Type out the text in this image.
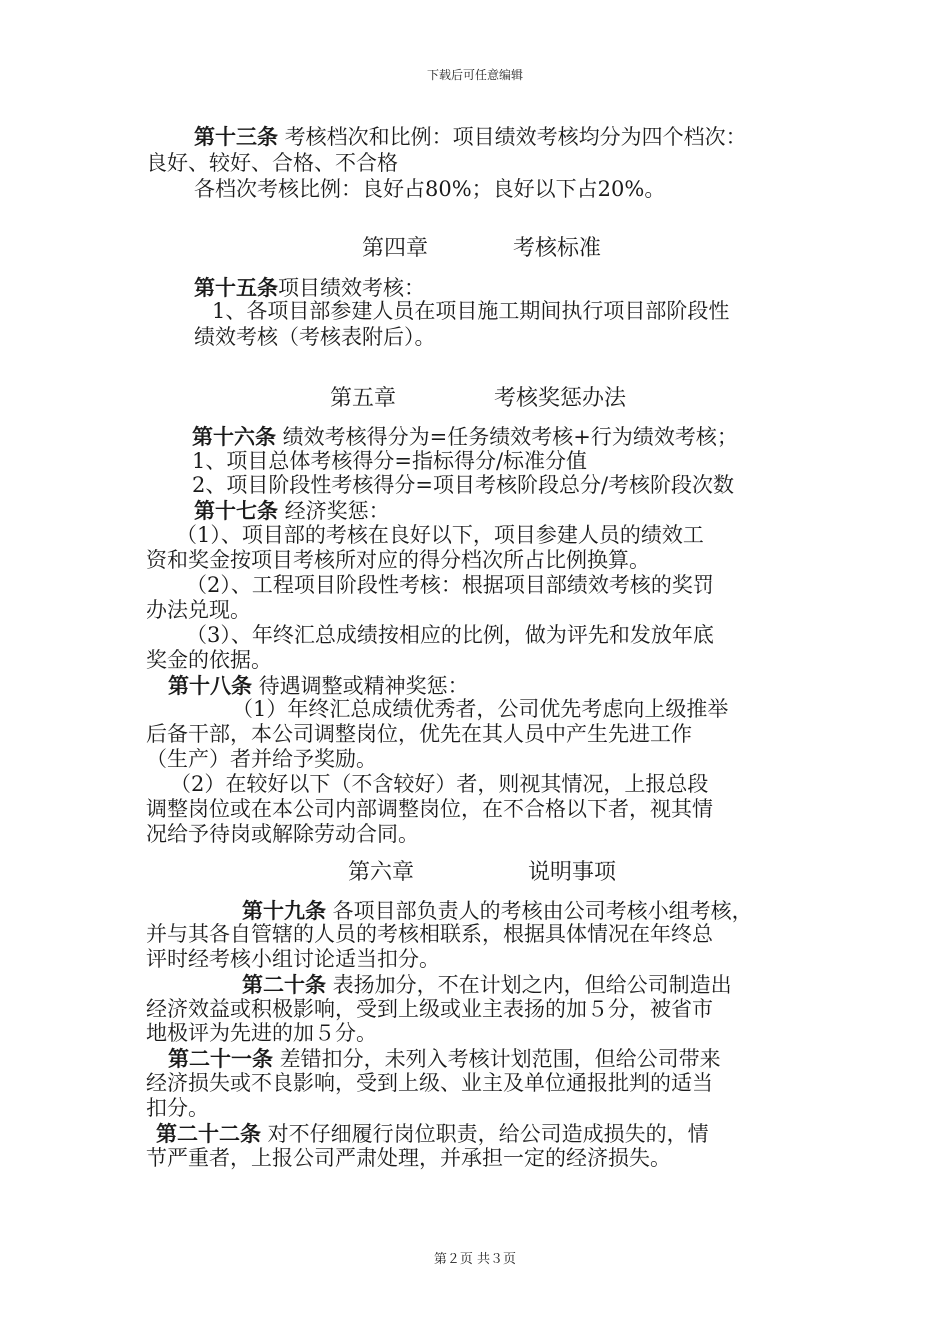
下载后可任意编辑
第十三条 考核档次和比例：项目绩效考核均分为四个档次：
良好、较好、合格、不合格
各档次考核比例：良好占80%；良好以下占20%。
第四章	考核标准
第十五条项目绩效考核：
1、各项目部参建人员在项目施工期间执行项目部阶段性
绩效考核（考核表附后）。
第五章	考核奖惩办法
第十六条 绩效考核得分为=任务绩效考核+行为绩效考核；
1、项目总体考核得分=指标得分/标准分值
2、项目阶段性考核得分=项目考核阶段总分/考核阶段次数
第十七条 经济奖惩：
（1）、项目部的考核在良好以下，项目参建人员的绩效工
资和奖金按项目考核所对应的得分档次所占比例换算。
（2）、工程项目阶段性考核：根据项目部绩效考核的奖罚
办法兑现。
（3）、年终汇总成绩按相应的比例，做为评先和发放年底
奖金的依据。
第十八条 待遇调整或精神奖惩：
（1）年终汇总成绩优秀者，公司优先考虑向上级推举
后备干部，本公司调整岗位，优先在其人员中产生先进工作
（生产）者并给予奖励。
（2）在较好以下（不含较好）者，则视其情况，上报总段
调整岗位或在本公司内部调整岗位，在不合格以下者，视其情
况给予待岗或解除劳动合同。
第六章	说明事项
第十九条 各项目部负责人的考核由公司考核小组考核，
并与其各自管辖的人员的考核相联系，根据具体情况在年终总
评时经考核小组讨论适当扣分。
第二十条 表扬加分，不在计划之内，但给公司制造出
经济效益或积极影响，受到上级或业主表扬的加５分，被省市
地极评为先进的加５分。
第二十一条 差错扣分，未列入考核计划范围，但给公司带来
经济损失或不良影响，受到上级、业主及单位通报批判的适当
扣分。
第二十二条 对不仔细履行岗位职责，给公司造成损失的，情
节严重者，上报公司严肃处理，并承担一定的经济损失。
第２页 共３页
